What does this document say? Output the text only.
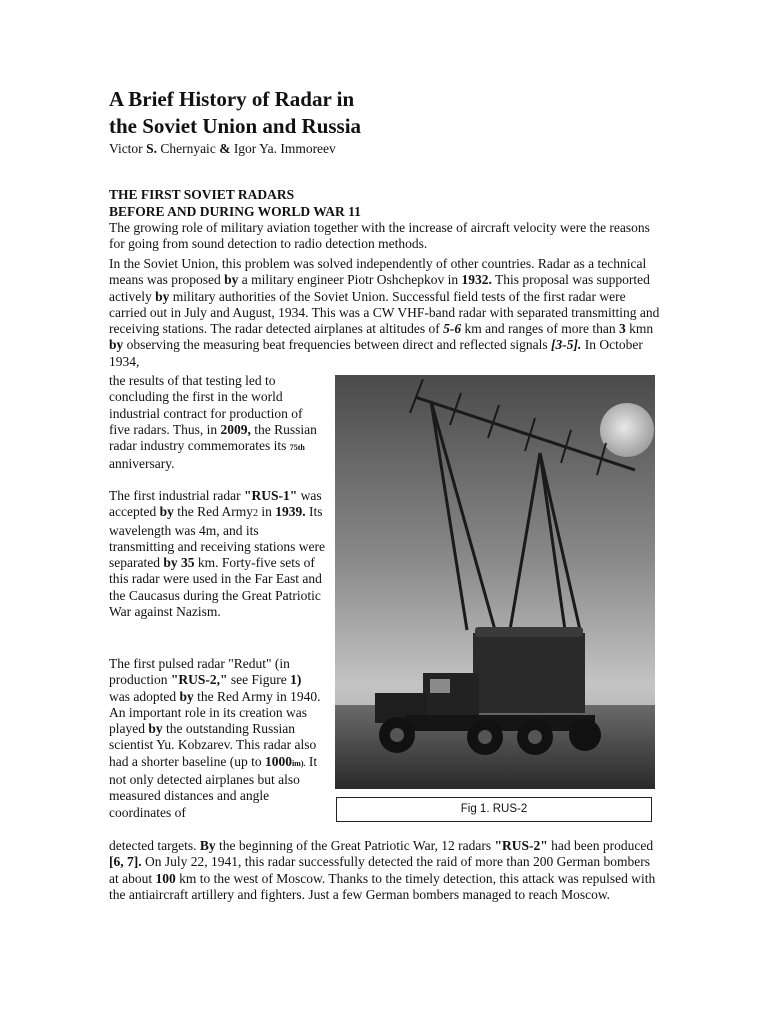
A Brief History of Radar in
the Soviet Union and Russia

Victor S. Chernyaic & Igor Ya. Immoreev

THE FIRST SOVIET RADARS
BEFORE AND DURING WORLD WAR 11

The growing role of military aviation together with the increase of aircraft velocity were the reasons for going from sound detection to radio detection methods.

In the Soviet Union, this problem was solved independently of other countries. Radar as a technical means was proposed by a military engineer Piotr Oshchepkov in 1932. This proposal was supported actively by military authorities of the Soviet Union. Successful field tests of the first radar were carried out in July and August, 1934. This was a CW VHF-band radar with separated transmitting and receiving stations. The radar detected airplanes at altitudes of 5-6 km and ranges of more than 3 kmn by observing the measuring beat frequencies between direct and reflected signals [3-5]. In October 1934,

the results of that testing led to concluding the first in the world industrial contract for production of five radars. Thus, in 2009, the Russian radar industry commemorates its 75th anniversary.

The first industrial radar "RUS-1" was accepted by the Red Army2 in 1939. Its wavelength was 4m, and its transmitting and receiving stations were separated by 35 km. Forty-five sets of this radar were used in the Far East and the Caucasus during the Great Patriotic War against Nazism.

The first pulsed radar "Redut" (in production "RUS-2," see Figure 1) was adopted by the Red Army in 1940. An important role in its creation was played by the outstanding Russian scientist Yu. Kobzarev. This radar also had a shorter baseline (up to 1000im). It not only detected airplanes but also measured distances and angle coordinates of

detected targets. By the beginning of the Great Patriotic War, 12 radars "RUS-2" had been produced [6, 7]. On July 22, 1941, this radar successfully detected the raid of more than 200 German bombers at about 100 km to the west of Moscow. Thanks to the timely detection, this attack was repulsed with the antiaircraft artillery and fighters. Just a few German bombers managed to reach Moscow.

Fig 1. RUS-2
